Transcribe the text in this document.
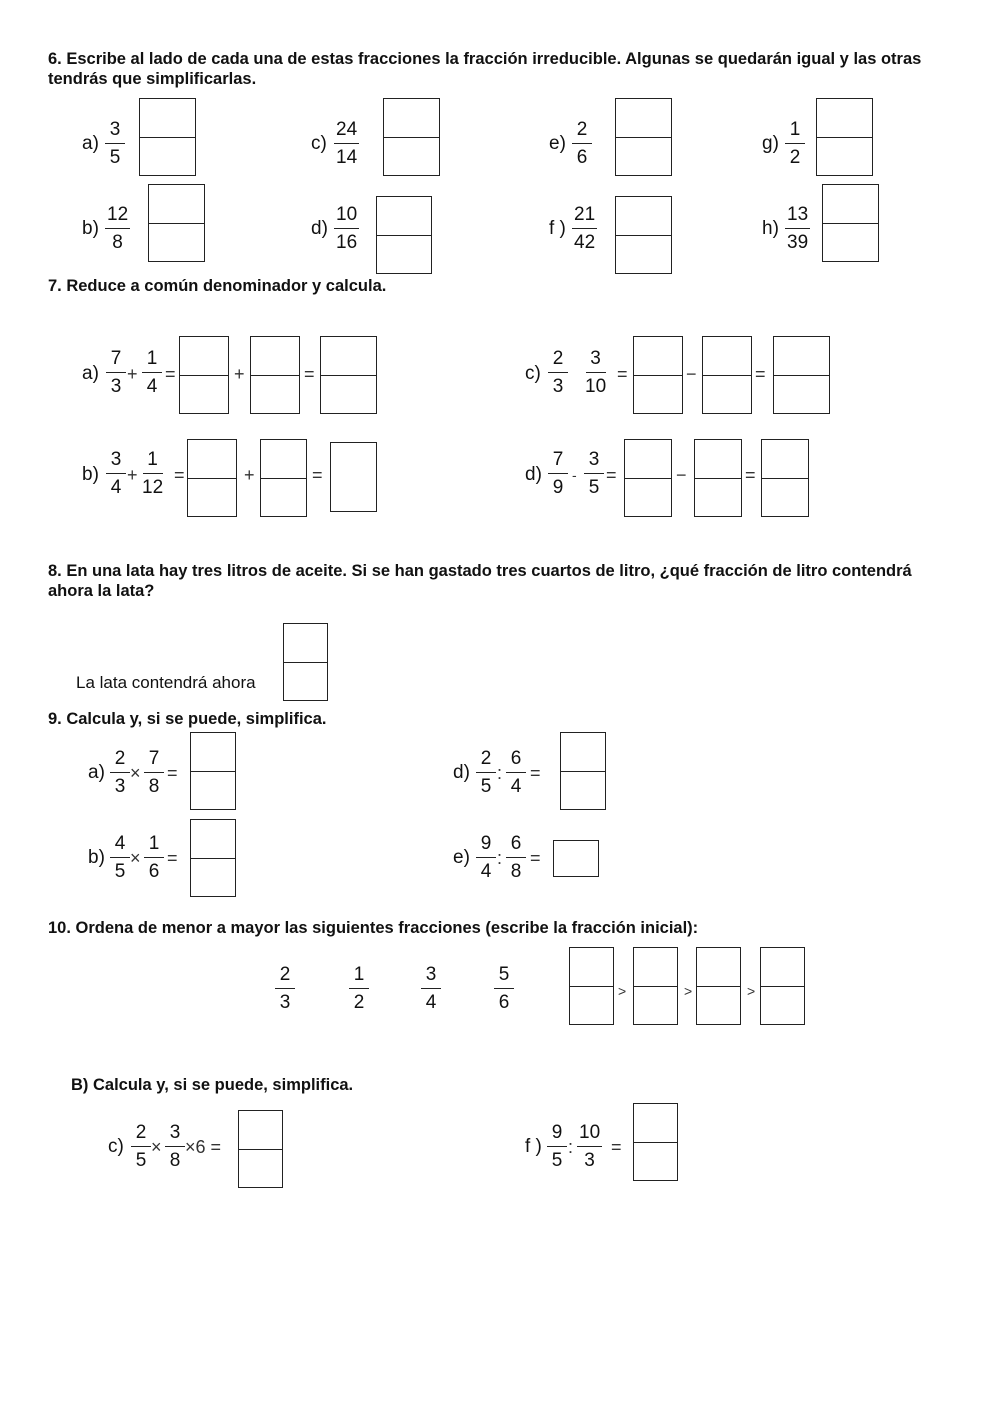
6. Escribe al lado de cada una de estas fracciones la fracción irreducible. Algunas se quedarán igual y las otras tendrás que simplificarlas.

$a) \frac{3}{5}$	$c) \frac{24}{14}$	$e) \frac{2}{6}$	$g) \frac{1}{2}$
$b) \frac{12}{8}$	$d) \frac{10}{16}$	f ) $\frac{21}{42}$	$h) \frac{13}{39}$

7. Reduce a común denominador y calcula.

$a) \frac{7}{3} + \frac{1}{4}$ =	+	=	$c) \frac{2}{3} \frac{3}{10}$ =	−	=
$b) \frac{3}{4} + \frac{1}{12}$ =	+	=	$d) \frac{7}{9} - \frac{3}{5}$ =	−	=

8. En una lata hay tres litros de aceite. Si se han gastado tres cuartos de litro, ¿qué fracción de litro contendrá ahora la lata?

La lata contendrá ahora

9. Calcula y, si se puede, simplifica.

$a) \frac{2}{3} \times \frac{7}{8}$ =	$d) \frac{2}{5}$ : $\frac{6}{4}$ =
$b) \frac{4}{5} \times \frac{1}{6}$ =	$e) \frac{9}{4}$ : $\frac{6}{8}$ =

10. Ordena de menor a mayor las siguientes fracciones (escribe la fracción inicial):

$\frac{2}{3}$	$\frac{1}{2}$	$\frac{3}{4}$	$\frac{5}{6}$	>	>	>

B) Calcula y, si se puede, simplifica.

$c) \frac{2}{5} \times \frac{3}{8} \times 6$ =	f ) $\frac{9}{5}$ : $\frac{10}{3}$ =
